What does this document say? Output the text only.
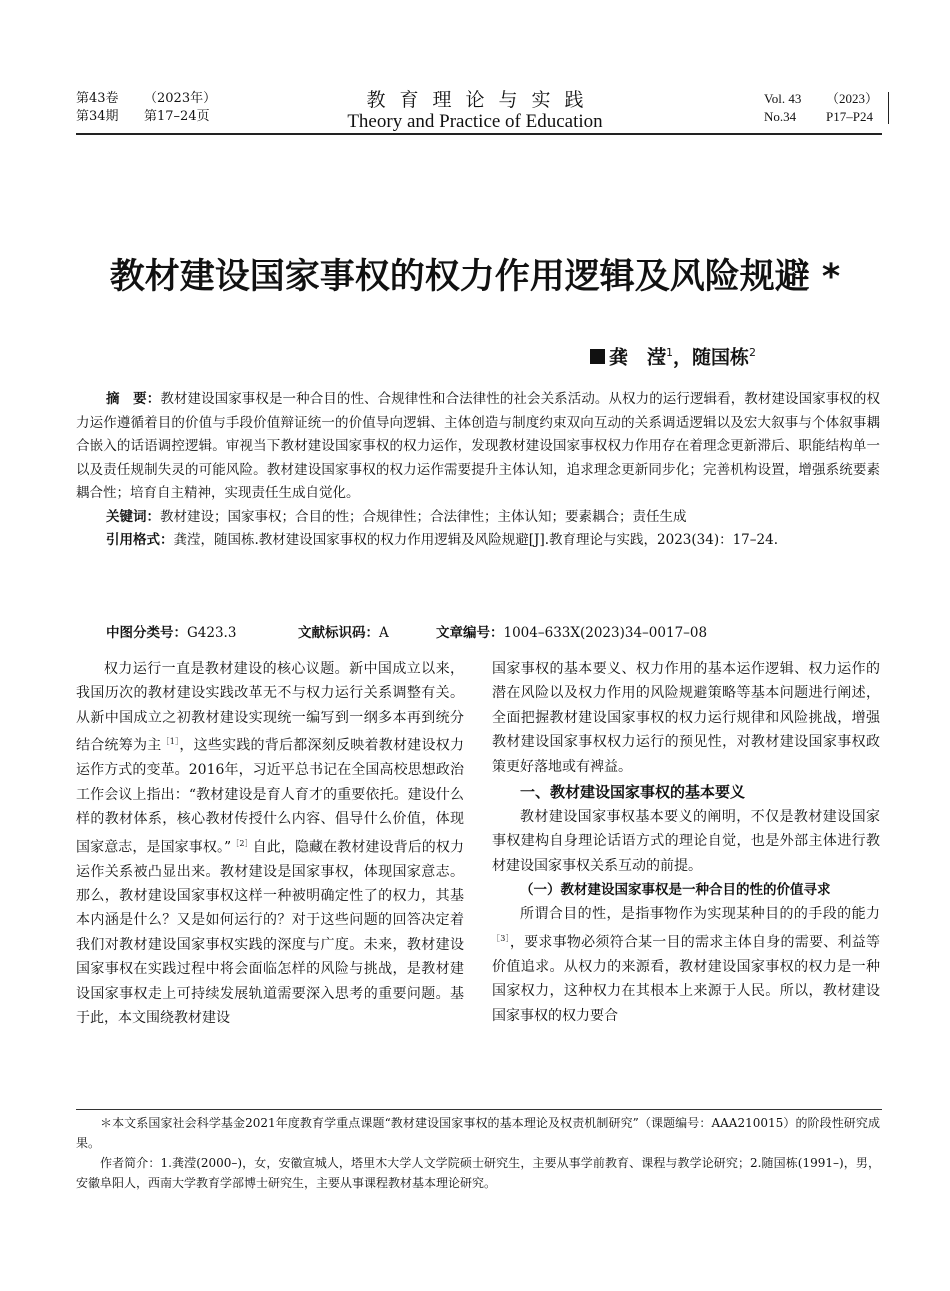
第43卷 （2023年）
第34期 第17–24页
教育理论与实践
Theory and Practice of Education
Vol. 43 （2023）
No.34 P17–P24
教材建设国家事权的权力作用逻辑及风险规避 *
龚　滢$^1$，随国栋$^2$

摘　要：教材建设国家事权是一种合目的性、合规律性和合法律性的社会关系活动。从权力的运行逻辑看，教材建设国家事权的权力运作遵循着目的价值与手段价值辩证统一的价值导向逻辑、主体创造与制度约束双向互动的关系调适逻辑以及宏大叙事与个体叙事耦合嵌入的话语调控逻辑。审视当下教材建设国家事权的权力运作，发现教材建设国家事权权力作用存在着理念更新滞后、职能结构单一以及责任规制失灵的可能风险。教材建设国家事权的权力运作需要提升主体认知，追求理念更新同步化；完善机构设置，增强系统要素耦合性；培育自主精神，实现责任生成自觉化。

关键词：教材建设；国家事权；合目的性；合规律性；合法律性；主体认知；要素耦合；责任生成

引用格式：龚滢，随国栋.教材建设国家事权的权力作用逻辑及风险规避[J].教育理论与实践，2023(34)：17–24.

中图分类号：G423.3	文献标识码：A	文章编号：1004–633X(2023)34–0017–08

权力运行一直是教材建设的核心议题。新中国成立以来，我国历次的教材建设实践改革无不与权力运行关系调整有关。从新中国成立之初教材建设实现统一编写到一纲多本再到统分结合统筹为主$^{[1]}$，这些实践的背后都深刻反映着教材建设权力运作方式的变革。2016年，习近平总书记在全国高校思想政治工作会议上指出：“教材建设是育人育才的重要依托。建设什么样的教材体系，核心教材传授什么内容、倡导什么价值，体现国家意志，是国家事权。”$^{[2]}$自此，隐藏在教材建设背后的权力运作关系被凸显出来。教材建设是国家事权，体现国家意志。那么，教材建设国家事权这样一种被明确定性了的权力，其基本内涵是什么？又是如何运行的？对于这些问题的回答决定着我们对教材建设国家事权实践的深度与广度。未来，教材建设国家事权在实践过程中将会面临怎样的风险与挑战，是教材建设国家事权走上可持续发展轨道需要深入思考的重要问题。基于此，本文围绕教材建设

国家事权的基本要义、权力作用的基本运作逻辑、权力运作的潜在风险以及权力作用的风险规避策略等基本问题进行阐述，全面把握教材建设国家事权的权力运行规律和风险挑战，增强教材建设国家事权权力运行的预见性，对教材建设国家事权政策更好落地或有裨益。

一、教材建设国家事权的基本要义

教材建设国家事权基本要义的阐明，不仅是教材建设国家事权建构自身理论话语方式的理论自觉，也是外部主体进行教材建设国家事权关系互动的前提。

（一）教材建设国家事权是一种合目的性的价值寻求

所谓合目的性，是指事物作为实现某种目的的手段的能力$^{[3]}$，要求事物必须符合某一目的需求主体自身的需要、利益等价值追求。从权力的来源看，教材建设国家事权的权力是一种国家权力，这种权力在其根本上来源于人民。所以，教材建设国家事权的权力要合

＊本文系国家社会科学基金2021年度教育学重点课题“教材建设国家事权的基本理论及权责机制研究”（课题编号：AAA210015）的阶段性研究成果。

作者简介：1.龚滢(2000–)，女，安徽宣城人，塔里木大学人文学院硕士研究生，主要从事学前教育、课程与教学论研究；2.随国栋(1991–)，男，安徽阜阳人，西南大学教育学部博士研究生，主要从事课程教材基本理论研究。
